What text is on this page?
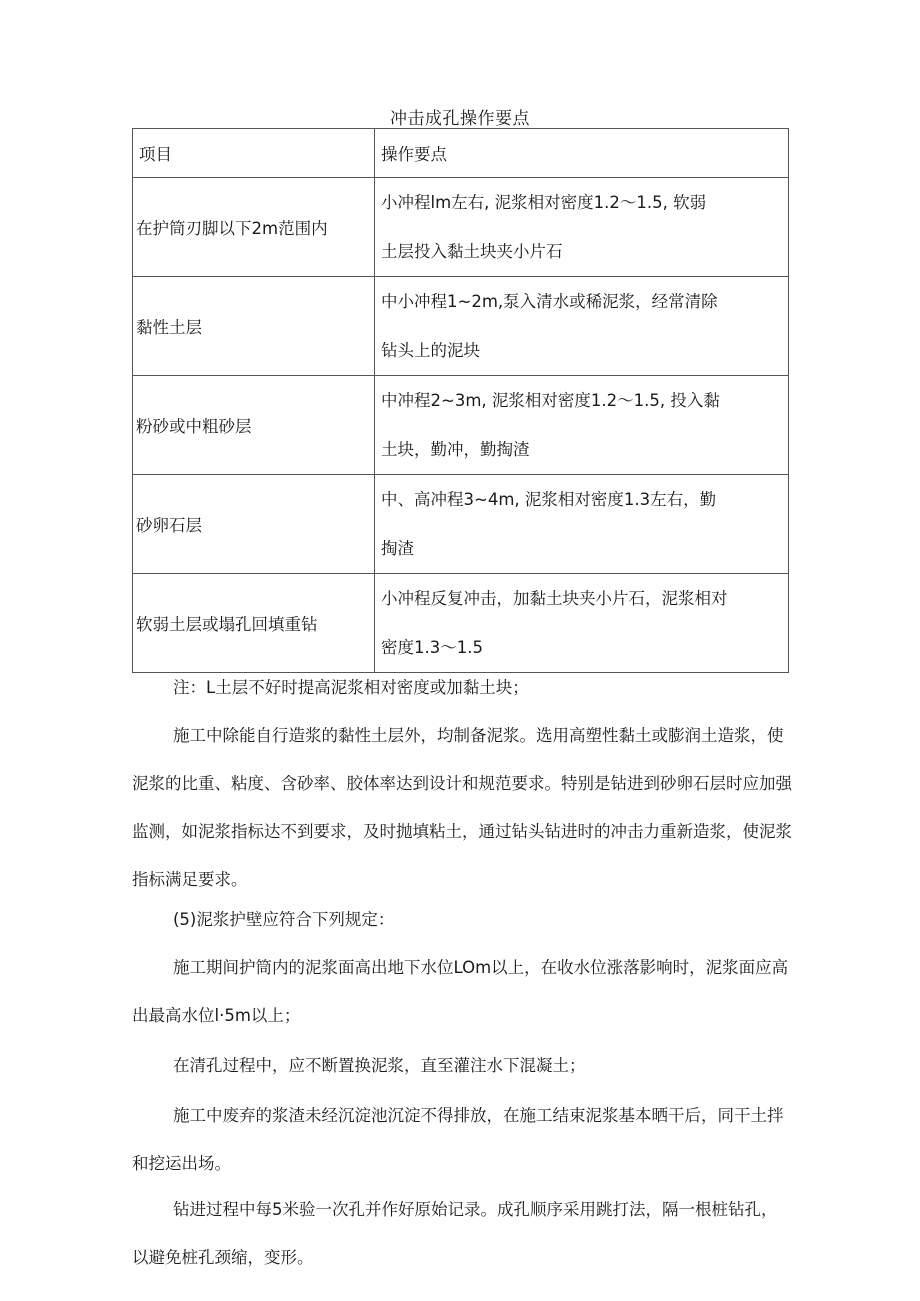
冲击成孔操作要点
项目	操作要点
在护筒刃脚以下2m范围内	小冲程lm左右, 泥浆相对密度1.2～1.5, 软弱
土层投入黏土块夹小片石
黏性土层	中小冲程1~2m,泵入清水或稀泥浆，经常清除
钻头上的泥块
粉砂或中粗砂层	中冲程2~3m, 泥浆相对密度1.2～1.5, 投入黏
土块，勤冲，勤掏渣
砂卵石层	中、高冲程3~4m, 泥浆相对密度1.3左右，勤
掏渣
软弱土层或塌孔回填重钻	小冲程反复冲击，加黏土块夹小片石，泥浆相对
密度1.3～1.5

注：L土层不好时提高泥浆相对密度或加黏土块；

施工中除能自行造浆的黏性土层外，均制备泥浆。选用高塑性黏土或膨润土造浆，使泥浆的比重、粘度、含砂率、胶体率达到设计和规范要求。特别是钻进到砂卵石层时应加强监测，如泥浆指标达不到要求，及时抛填粘土，通过钻头钻进时的冲击力重新造浆，使泥浆指标满足要求。

(5)泥浆护壁应符合下列规定：

施工期间护筒内的泥浆面高出地下水位LOm以上，在收水位涨落影响时，泥浆面应高出最高水位l·5m以上；

在清孔过程中，应不断置换泥浆，直至灌注水下混凝土；

施工中废弃的浆渣未经沉淀池沉淀不得排放，在施工结束泥浆基本晒干后，同干土拌和挖运出场。

钻进过程中每5米验一次孔并作好原始记录。成孔顺序采用跳打法，隔一根桩钻孔，以避免桩孔颈缩，变形。
